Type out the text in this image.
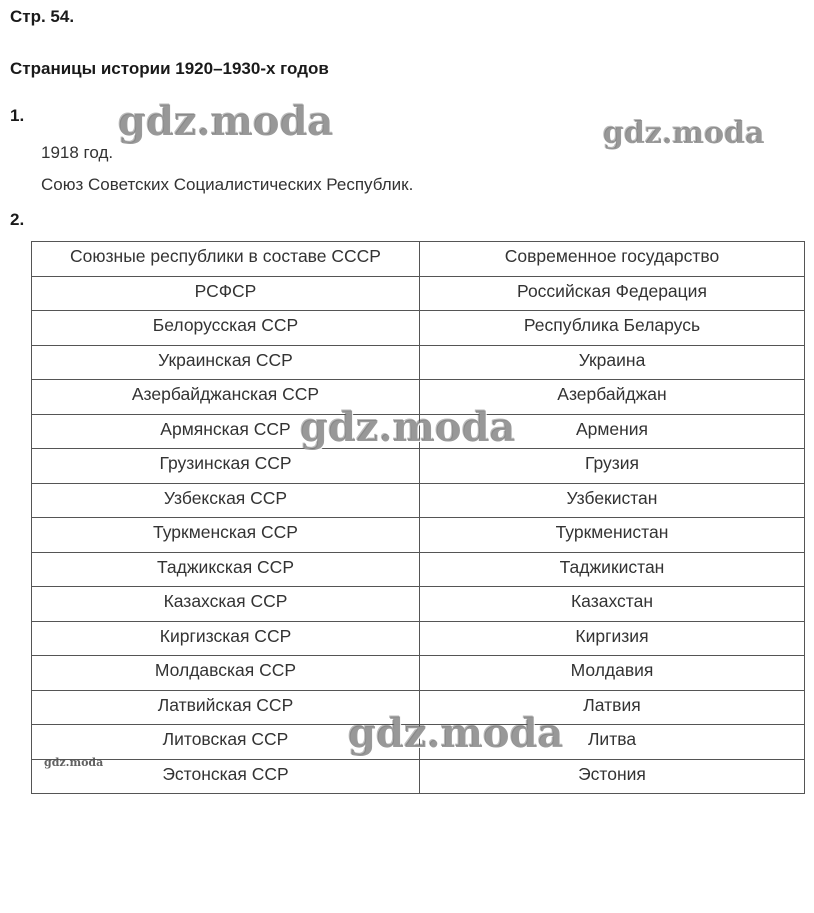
Стр. 54.
Страницы истории 1920–1930-х годов
1.
1918 год.
Союз Советских Социалистических Республик.
2.
Союзные республики в составе СССР	Современное государство
РСФСР	Российская Федерация
Белорусская ССР	Республика Беларусь
Украинская ССР	Украина
Азербайджанская ССР	Азербайджан
Армянская ССР	Армения
Грузинская ССР	Грузия
Узбекская ССР	Узбекистан
Туркменская ССР	Туркменистан
Таджикская ССР	Таджикистан
Казахская ССР	Казахстан
Киргизская ССР	Киргизия
Молдавская ССР	Молдавия
Латвийская ССР	Латвия
Литовская ССР	Литва
Эстонская ССР	Эстония
gdz.moda	gdz.moda
gdz.moda
gdz.moda
gdz.moda
